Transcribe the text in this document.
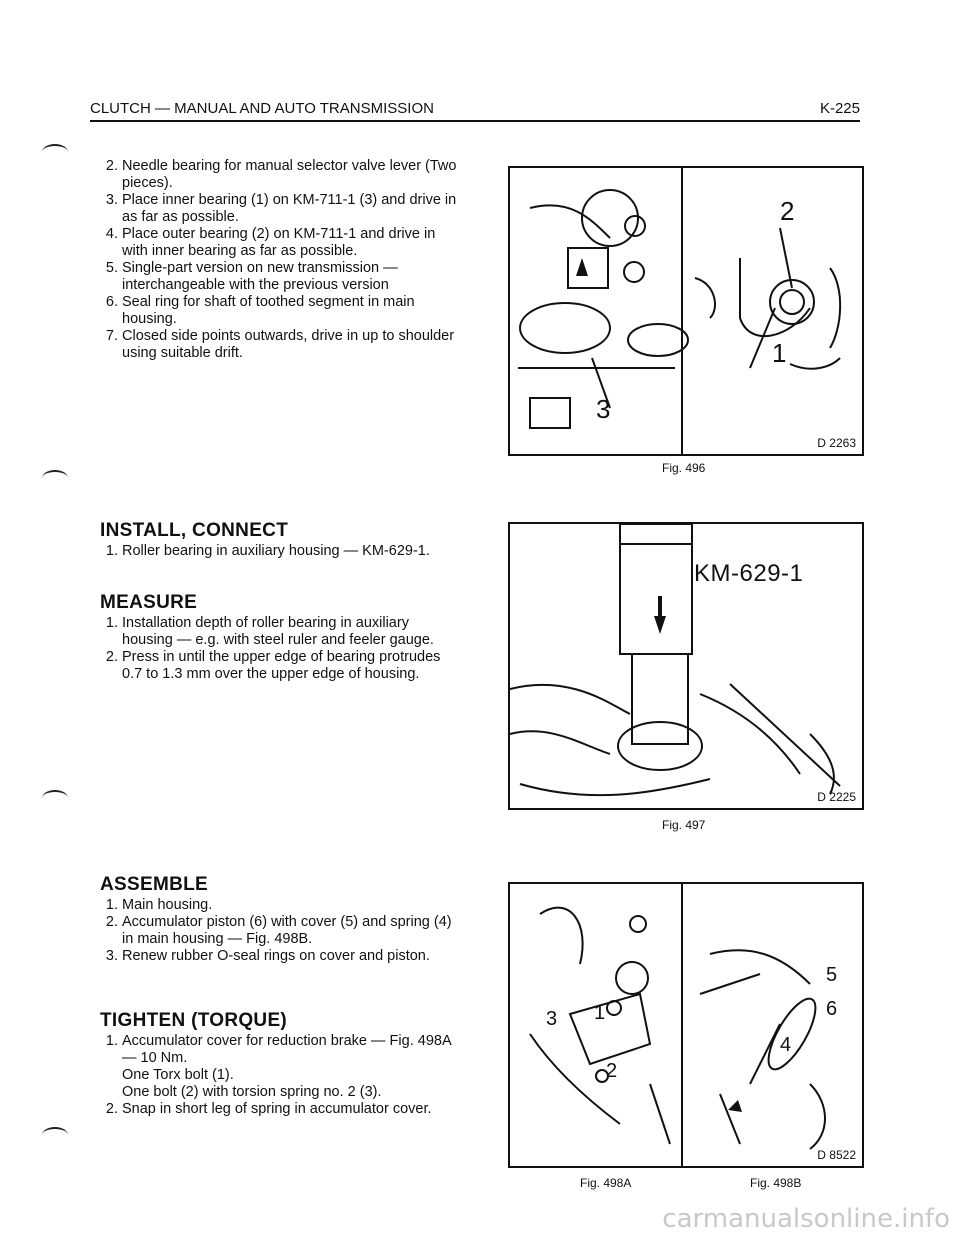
CLUTCH — MANUAL AND AUTO TRANSMISSION	K-225
2. Needle bearing for manual selector valve lever (Two pieces).
3. Place inner bearing (1) on KM-711-1 (3) and drive in as far as possible.
4. Place outer bearing (2) on KM-711-1 and drive in with inner bearing as far as possible.
5. Single-part version on new transmission — interchangeable with the previous version
6. Seal ring for shaft of toothed segment in main housing.
7. Closed side points outwards, drive in up to shoulder using suitable drift.
INSTALL, CONNECT
1. Roller bearing in auxiliary housing — KM-629-1.
MEASURE
1. Installation depth of roller bearing in auxiliary housing — e.g. with steel ruler and feeler gauge.
2. Press in until the upper edge of bearing protrudes 0.7 to 1.3 mm over the upper edge of housing.
ASSEMBLE
1. Main housing.
2. Accumulator piston (6) with cover (5) and spring (4) in main housing — Fig. 498B.
3. Renew rubber O-seal rings on cover and piston.
TIGHTEN (TORQUE)
1. Accumulator cover for reduction brake — Fig. 498A — 10 Nm.
One Torx bolt (1).
One bolt (2) with torsion spring no. 2 (3).
2. Snap in short leg of spring in accumulator cover.
2
1
3
D 2263
Fig. 496
KM-629-1
D 2225
Fig. 497
1
2
3
4
5
6
D 8522
Fig. 498A	Fig. 498B
carmanualsonline.info
